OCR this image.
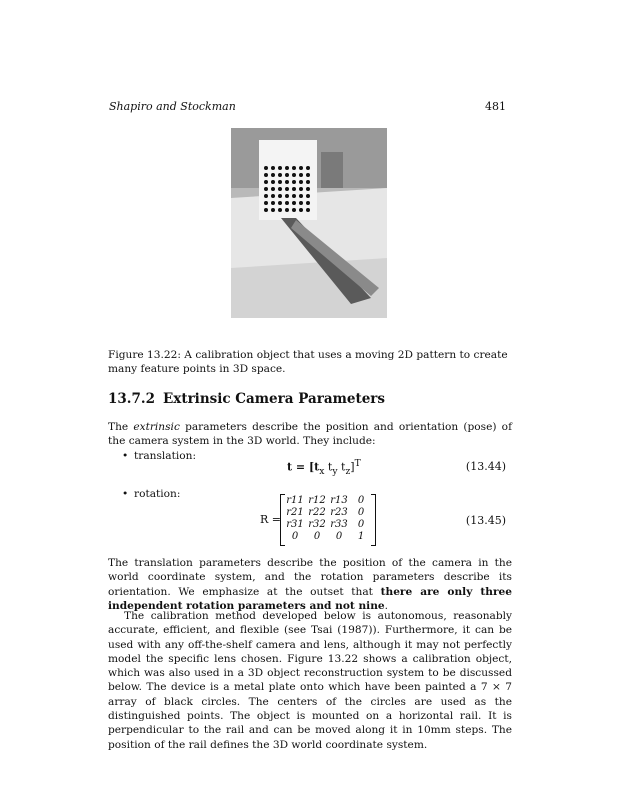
Shapiro and Stockman	481
Figure 13.22: A calibration object that uses a moving 2D pattern to create many feature points in 3D space.
13.7.2 Extrinsic Camera Parameters
The extrinsic parameters describe the position and orientation (pose) of the camera system in the 3D world. They include:
• translation:
$t = [t_x$ $t_y$ $t_z]^T$	(13.44)
• rotation:
R =
r11	r12	r13	0
r21	r22	r23	0
r31	r32	r33	0
0	0	0	1
(13.45)
The translation parameters describe the position of the camera in the world coordinate system, and the rotation parameters describe its orientation. We emphasize at the outset that there are only three independent rotation parameters and not nine.
The calibration method developed below is autonomous, reasonably accurate, efficient, and flexible (see Tsai (1987)). Furthermore, it can be used with any off-the-shelf camera and lens, although it may not perfectly model the specific lens chosen. Figure 13.22 shows a calibration object, which was also used in a 3D object reconstruction system to be discussed below. The device is a metal plate onto which have been painted a 7 × 7 array of black circles. The centers of the circles are used as the distinguished points. The object is mounted on a horizontal rail. It is perpendicular to the rail and can be moved along it in 10mm steps. The position of the rail defines the 3D world coordinate system.
